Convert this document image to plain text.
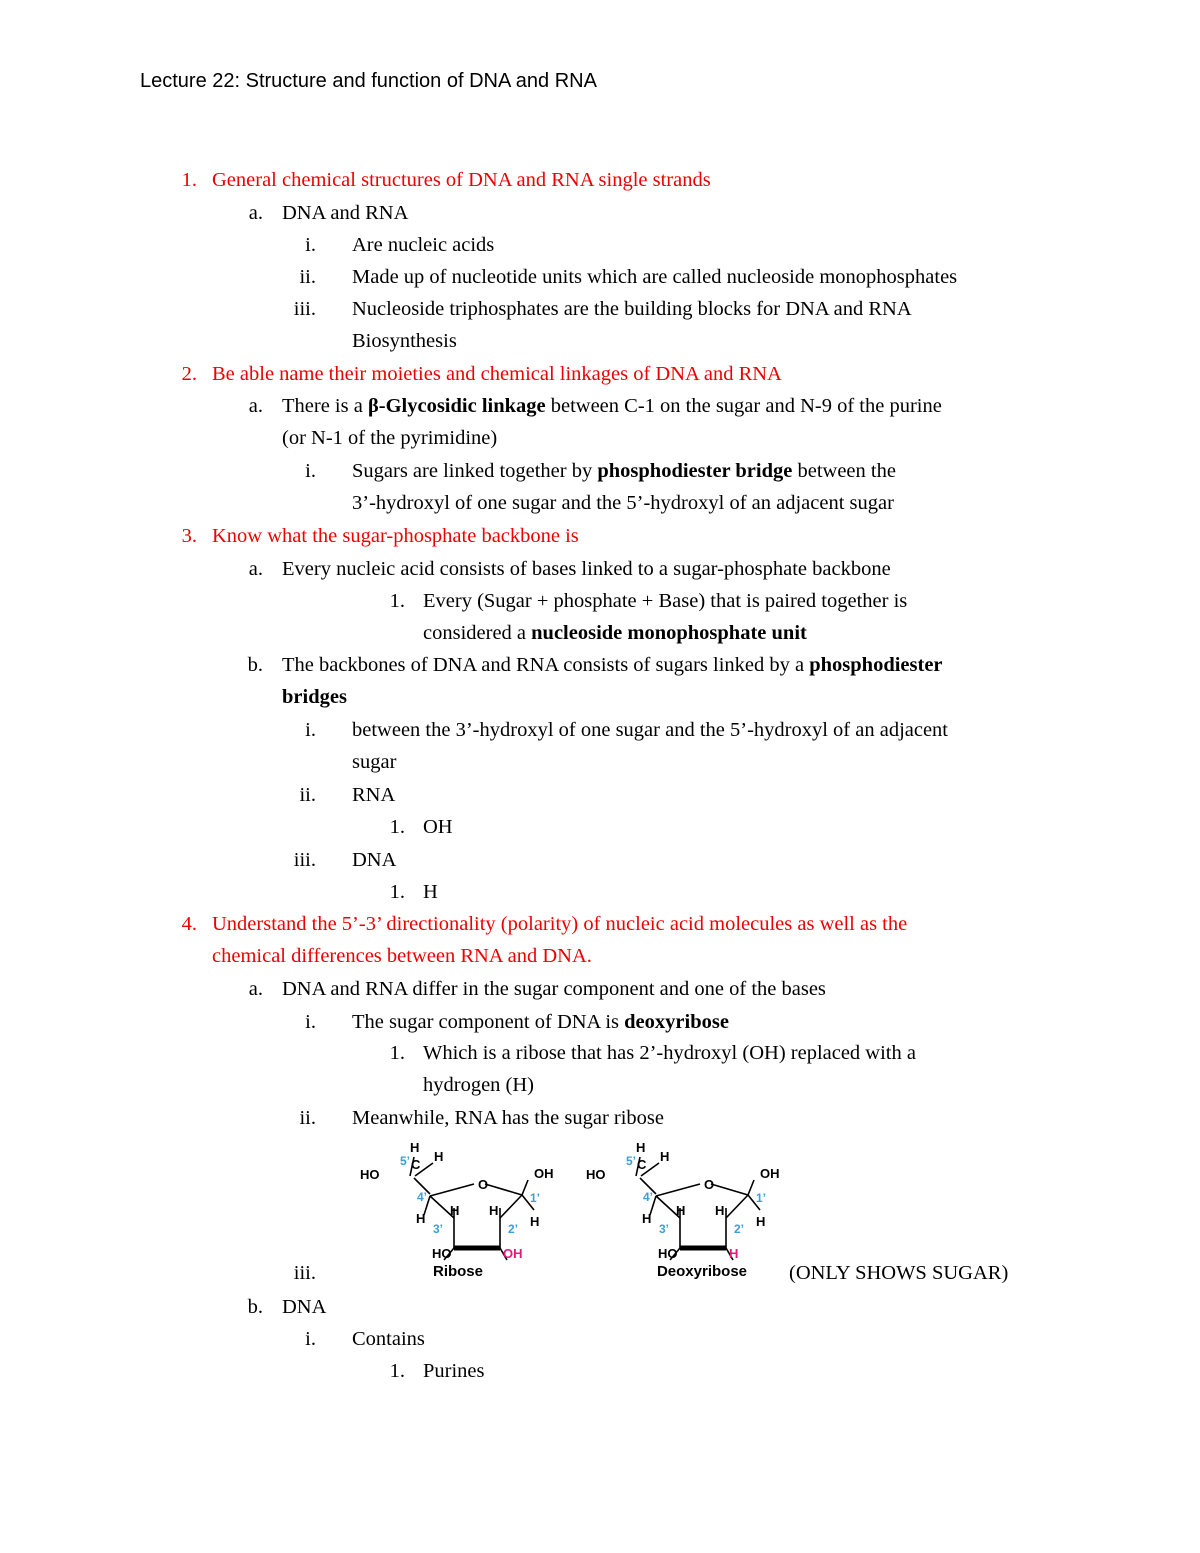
Lecture 22: Structure and function of DNA and RNA
1. General chemical structures of DNA and RNA single strands
a. DNA and RNA
i. Are nucleic acids
ii. Made up of nucleotide units which are called nucleoside monophosphates
iii. Nucleoside triphosphates are the building blocks for DNA and RNA
Biosynthesis
2. Be able name their moieties and chemical linkages of DNA and RNA
a. There is a β-Glycosidic linkage between C-1 on the sugar and N-9 of the purine
(or N-1 of the pyrimidine)
i. Sugars are linked together by phosphodiester bridge between the
3’-hydroxyl of one sugar and the 5’-hydroxyl of an adjacent sugar
3. Know what the sugar-phosphate backbone is
a. Every nucleic acid consists of bases linked to a sugar-phosphate backbone
1. Every (Sugar + phosphate + Base) that is paired together is
considered a nucleoside monophosphate unit
b. The backbones of DNA and RNA consists of sugars linked by a phosphodiester
bridges
i. between the 3’-hydroxyl of one sugar and the 5’-hydroxyl of an adjacent
sugar
ii. RNA
1. OH
iii. DNA
1. H
4. Understand the 5’-3’ directionality (polarity) of nucleic acid molecules as well as the
chemical differences between RNA and DNA.
a. DNA and RNA differ in the sugar component and one of the bases
i. The sugar component of DNA is deoxyribose
1. Which is a ribose that has 2’-hydroxyl (OH) replaced with a
hydrogen (H)
ii. Meanwhile, RNA has the sugar ribose
H
5’ C
H
HO
O
OH
4’	1’
H
H H
H
3’	2’
HO	OH
Ribose
H
5’ C
H
HO
O
OH
4’	1’
H
H H
H
3’	2’
HO	H
Deoxyribose
iii.	(ONLY SHOWS SUGAR)
b. DNA
i. Contains
1. Purines
